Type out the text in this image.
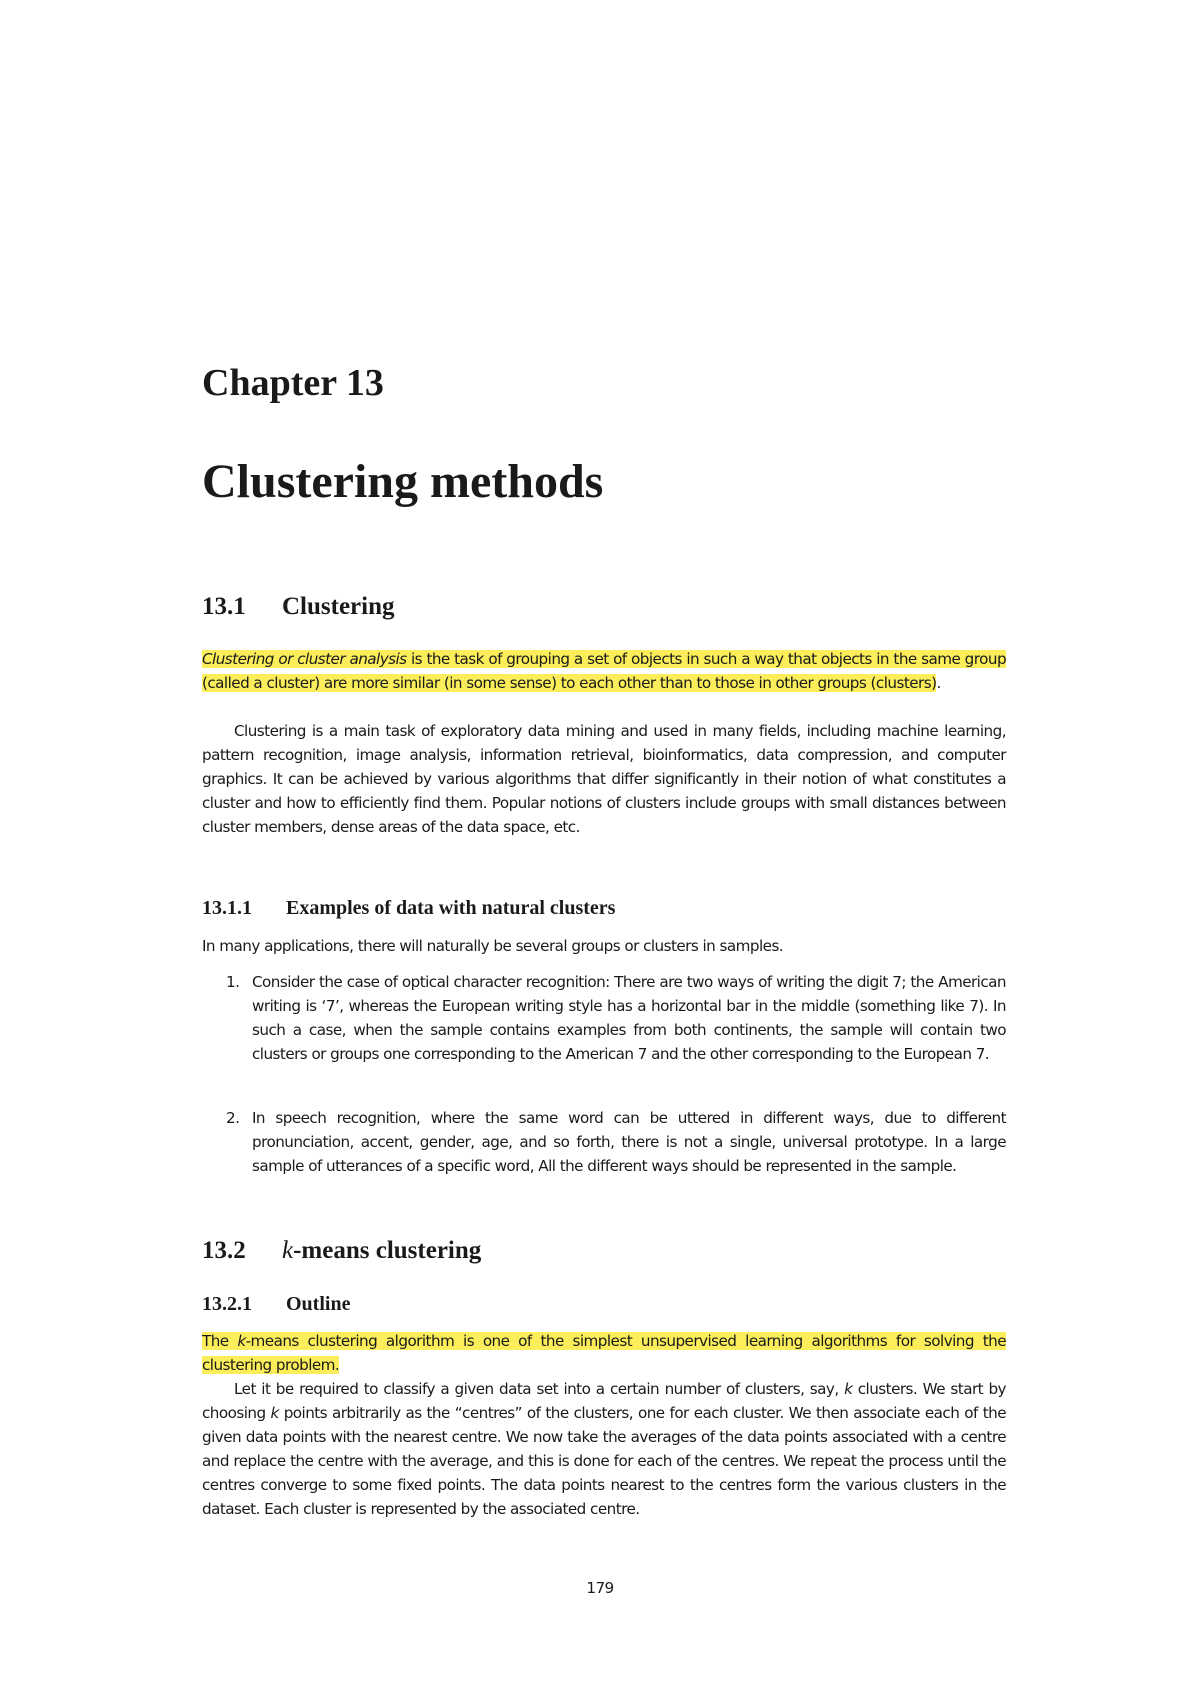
Chapter 13
Clustering methods
13.1 Clustering

Clustering or cluster analysis is the task of grouping a set of objects in such a way that objects in the same group (called a cluster) are more similar (in some sense) to each other than to those in other groups (clusters).

Clustering is a main task of exploratory data mining and used in many fields, including machine learning, pattern recognition, image analysis, information retrieval, bioinformatics, data compression, and computer graphics. It can be achieved by various algorithms that differ significantly in their notion of what constitutes a cluster and how to efficiently find them. Popular notions of clusters include groups with small distances between cluster members, dense areas of the data space, etc.

13.1.1 Examples of data with natural clusters

In many applications, there will naturally be several groups or clusters in samples.

1. Consider the case of optical character recognition: There are two ways of writing the digit 7; the American writing is ‘7’, whereas the European writing style has a horizontal bar in the middle (something like 7). In such a case, when the sample contains examples from both continents, the sample will contain two clusters or groups one corresponding to the American 7 and the other corresponding to the European 7.
2. In speech recognition, where the same word can be uttered in different ways, due to different pronunciation, accent, gender, age, and so forth, there is not a single, universal prototype. In a large sample of utterances of a specific word, All the different ways should be represented in the sample.
13.2 k-means clustering
13.2.1 Outline

The k-means clustering algorithm is one of the simplest unsupervised learning algorithms for solving the clustering problem.

Let it be required to classify a given data set into a certain number of clusters, say, k clusters. We start by choosing k points arbitrarily as the “centres” of the clusters, one for each cluster. We then associate each of the given data points with the nearest centre. We now take the averages of the data points associated with a centre and replace the centre with the average, and this is done for each of the centres. We repeat the process until the centres converge to some fixed points. The data points nearest to the centres form the various clusters in the dataset. Each cluster is represented by the associated centre.

179
